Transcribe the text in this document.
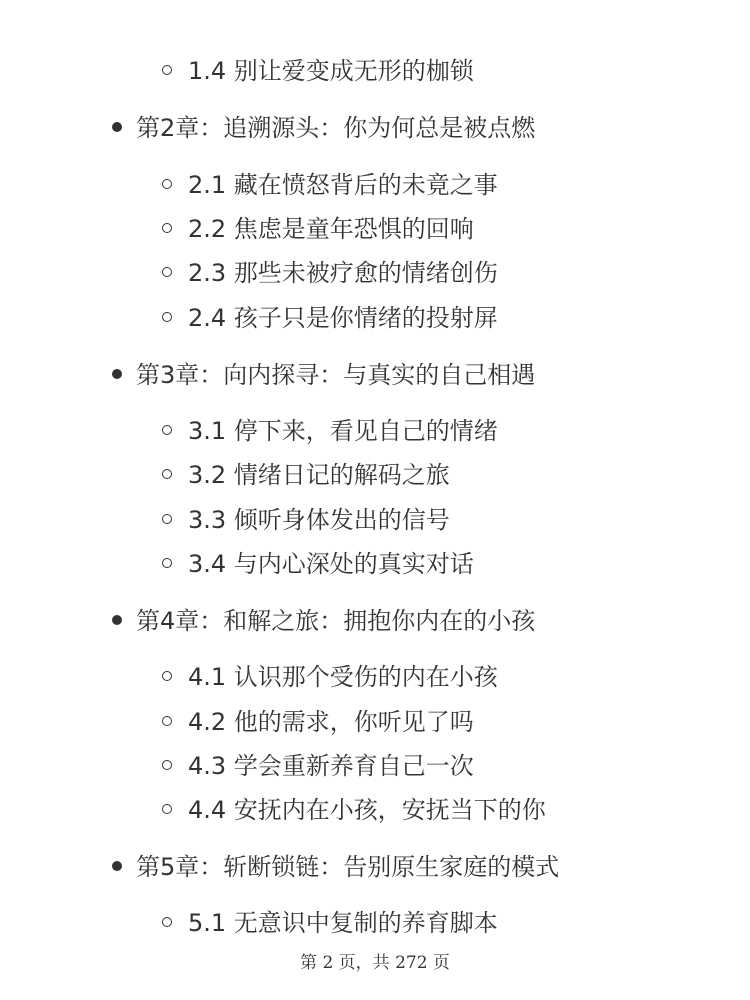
1.4 别让爱变成无形的枷锁
第2章：追溯源头：你为何总是被点燃
2.1 藏在愤怒背后的未竟之事
2.2 焦虑是童年恐惧的回响
2.3 那些未被疗愈的情绪创伤
2.4 孩子只是你情绪的投射屏
第3章：向内探寻：与真实的自己相遇
3.1 停下来，看见自己的情绪
3.2 情绪日记的解码之旅
3.3 倾听身体发出的信号
3.4 与内心深处的真实对话
第4章：和解之旅：拥抱你内在的小孩
4.1 认识那个受伤的内在小孩
4.2 他的需求，你听见了吗
4.3 学会重新养育自己一次
4.4 安抚内在小孩，安抚当下的你
第5章：斩断锁链：告别原生家庭的模式
5.1 无意识中复制的养育脚本
第 2 页，共 272 页
